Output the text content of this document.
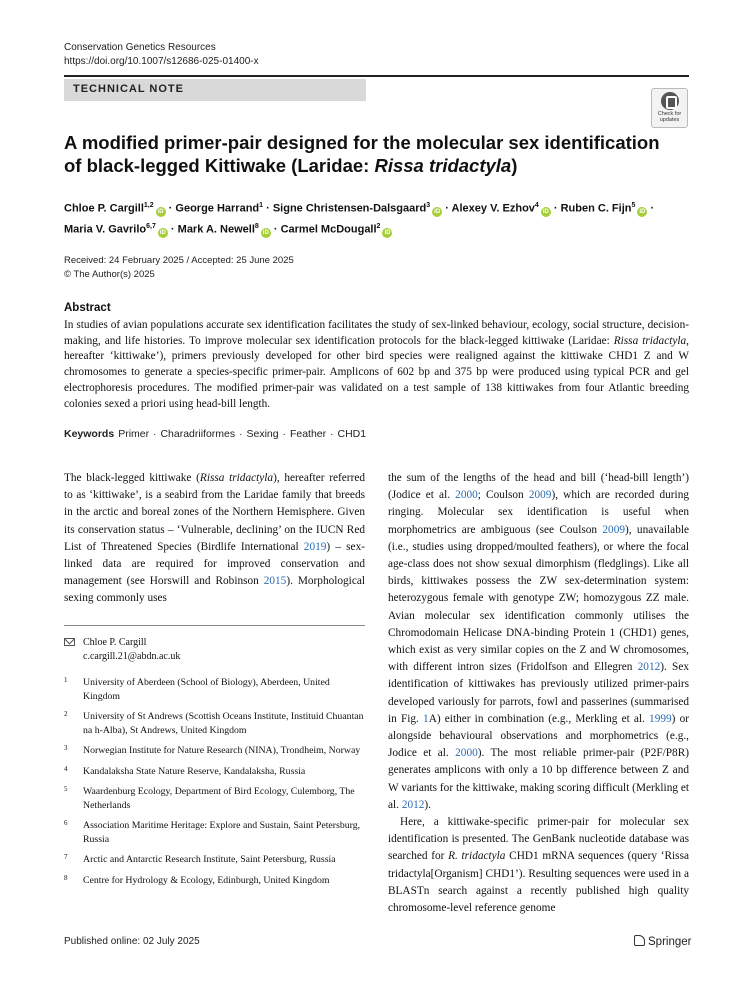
Conservation Genetics Resources
https://doi.org/10.1007/s12686-025-01400-x
TECHNICAL NOTE
Check for updates
A modified primer-pair designed for the molecular sex identification
of black-legged Kittiwake (Laridae: Rissa tridactyla)
Chloe P. Cargill$^{1,2}$iD · George Harrand$^1$ · Signe Christensen-Dalsgaard$^3$iD · Alexey V. Ezhov$^4$iD · Ruben C. Fijn$^5$iD ·
Maria V. Gavrilo$^{6,7}$iD · Mark A. Newell$^8$iD · Carmel McDougall$^2$iD
Received: 24 February 2025 / Accepted: 25 June 2025
© The Author(s) 2025
Abstract
In studies of avian populations accurate sex identification facilitates the study of sex-linked behaviour, ecology, social structure, decision-making, and life histories. To improve molecular sex identification protocols for the black-legged kittiwake (Laridae: Rissa tridactyla, hereafter ‘kittiwake’), primers previously developed for other bird species were realigned against the kittiwake CHD1 Z and W chromosomes to generate a species-specific primer-pair. Amplicons of 602 bp and 375 bp were produced using typical PCR and gel electrophoresis procedures. The modified primer-pair was validated on a test sample of 138 kittiwakes from four Atlantic breeding colonies sexed a priori using head-bill length.
Keywords Primer · Charadriiformes · Sexing · Feather · CHD1
The black-legged kittiwake (Rissa tridactyla), hereafter referred to as ‘kittiwake’, is a seabird from the Laridae family that breeds in the arctic and boreal zones of the Northern Hemisphere. Given its conservation status – ‘Vulnerable, declining’ on the IUCN Red List of Threatened Species (Birdlife International 2019) – sex-linked data are required for improved conservation and management (see Horswill and Robinson 2015). Morphological sexing commonly uses
the sum of the lengths of the head and bill (‘head-bill length’) (Jodice et al. 2000; Coulson 2009), which are recorded during ringing. Molecular sex identification is useful when morphometrics are ambiguous (see Coulson 2009), unavailable (i.e., studies using dropped/moulted feathers), or where the focal age-class does not show sexual dimorphism (fledglings). Like all birds, kittiwakes possess the ZW sex-determination system: heterozygous female with genotype ZW; homozygous ZZ male. Avian molecular sex identification commonly utilises the Chromodomain Helicase DNA-binding Protein 1 (CHD1) genes, which exist as very similar copies on the Z and W chromosomes, with different intron sizes (Fridolfson and Ellegren 2012). Sex identification of kittiwakes has previously utilized primer-pairs developed variously for parrots, fowl and passerines (summarised in Fig. 1A) either in combination (e.g., Merkling et al. 1999) or alongside behavioural observations and morphometrics (e.g., Jodice et al. 2000). The most reliable primer-pair (P2F/P8R) generates amplicons with only a 10 bp difference between Z and W variants for the kittiwake, making scoring difficult (Merkling et al. 2012).
Here, a kittiwake-specific primer-pair for molecular sex identification is presented. The GenBank nucleotide database was searched for R. tridactyla CHD1 mRNA sequences (query ‘Rissa tridactyla[Organism] CHD1’). Resulting sequences were used in a BLASTn search against a recently published high quality chromosome-level reference genome
Chloe P. Cargill
c.cargill.21@abdn.ac.uk
1 University of Aberdeen (School of Biology), Aberdeen, United Kingdom
2 University of St Andrews (Scottish Oceans Institute, Instituid Chuantan na h-Alba), St Andrews, United Kingdom
3 Norwegian Institute for Nature Research (NINA), Trondheim, Norway
4 Kandalaksha State Nature Reserve, Kandalaksha, Russia
5 Waardenburg Ecology, Department of Bird Ecology, Culemborg, The Netherlands
6 Association Maritime Heritage: Explore and Sustain, Saint Petersburg, Russia
7 Arctic and Antarctic Research Institute, Saint Petersburg, Russia
8 Centre for Hydrology & Ecology, Edinburgh, United Kingdom
Published online: 02 July 2025	Springer
